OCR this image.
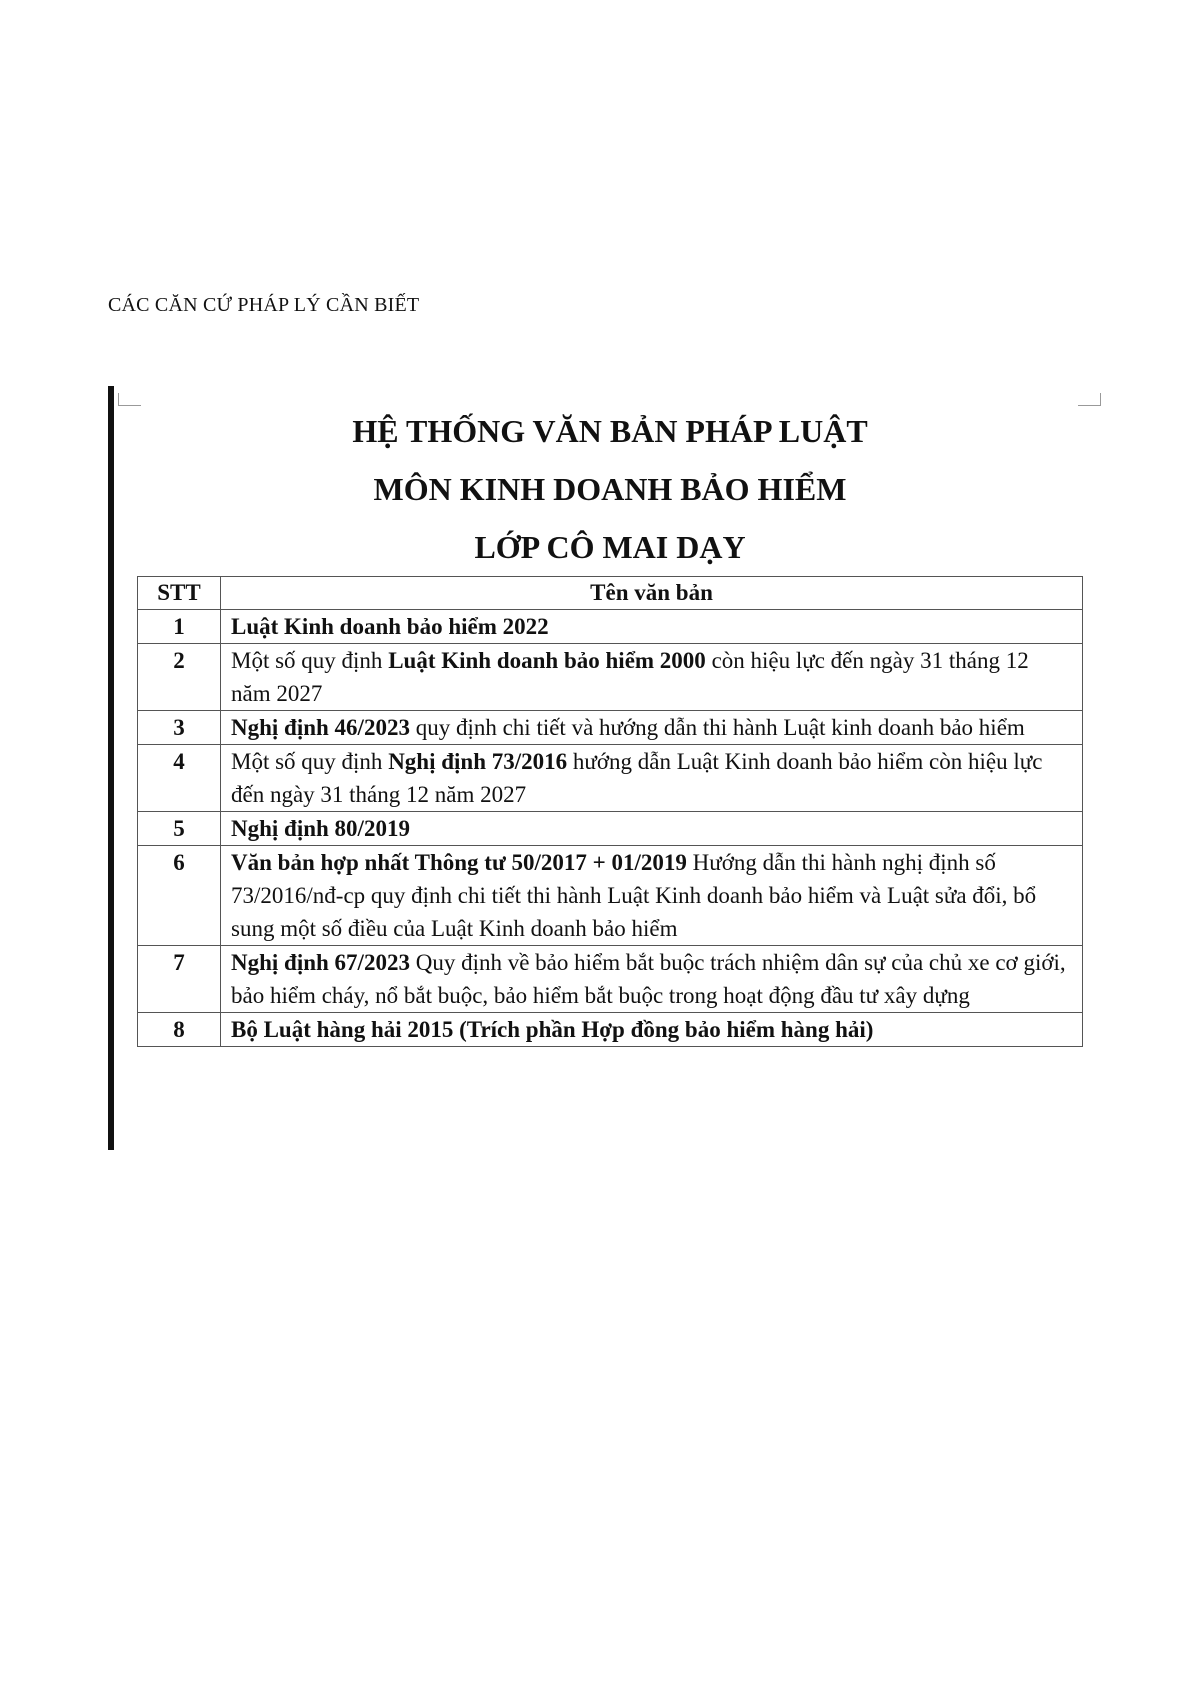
CÁC CĂN CỨ PHÁP LÝ CẦN BIẾT
HỆ THỐNG VĂN BẢN PHÁP LUẬT
MÔN KINH DOANH BẢO HIỂM
LỚP CÔ MAI DẠY
STT	Tên văn bản
1	Luật Kinh doanh bảo hiểm 2022
2	Một số quy định Luật Kinh doanh bảo hiểm 2000 còn hiệu lực đến ngày 31 tháng 12 năm 2027
3	Nghị định 46/2023 quy định chi tiết và hướng dẫn thi hành Luật kinh doanh bảo hiểm
4	Một số quy định Nghị định 73/2016 hướng dẫn Luật Kinh doanh bảo hiểm còn hiệu lực đến ngày 31 tháng 12 năm 2027
5	Nghị định 80/2019
6	Văn bản hợp nhất Thông tư 50/2017 + 01/2019 Hướng dẫn thi hành nghị định số 73/2016/nđ-cp quy định chi tiết thi hành Luật Kinh doanh bảo hiểm và Luật sửa đổi, bổ sung một số điều của Luật Kinh doanh bảo hiểm
7	Nghị định 67/2023 Quy định về bảo hiểm bắt buộc trách nhiệm dân sự của chủ xe cơ giới, bảo hiểm cháy, nổ bắt buộc, bảo hiểm bắt buộc trong hoạt động đầu tư xây dựng
8	Bộ Luật hàng hải 2015 (Trích phần Hợp đồng bảo hiểm hàng hải)
